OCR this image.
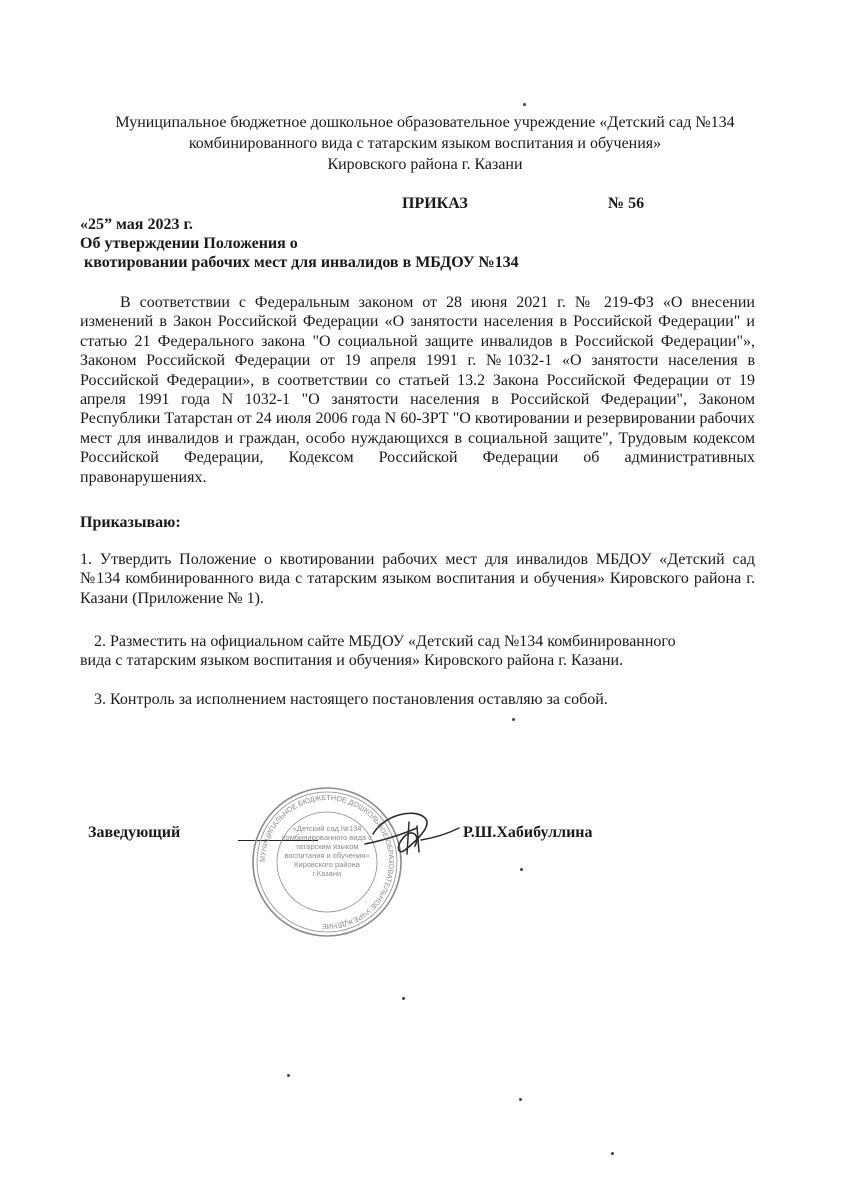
Муниципальное бюджетное дошкольное образовательное учреждение «Детский сад №134
комбинированного вида с татарским языком воспитания и обучения»
Кировского района г. Казани
ПРИКАЗ	№ 56
«25” мая 2023 г.
Об утверждении Положения о
квотировании рабочих мест для инвалидов в МБДОУ №134
В соответствии с Федеральным законом от 28 июня 2021 г. № 219-ФЗ «О внесении изменений в Закон Российской Федерации «О занятости населения в Российской Федерации" и статью 21 Федерального закона "О социальной защите инвалидов в Российской Федерации"», Законом Российской Федерации от 19 апреля 1991 г. №1032-1 «О занятости населения в Российской Федерации», в соответствии со статьей 13.2 Закона Российской Федерации от 19 апреля 1991 года N 1032-1 "О занятости населения в Российской Федерации", Законом Республики Татарстан от 24 июля 2006 года N 60-ЗРТ "О квотировании и резервировании рабочих мест для инвалидов и граждан, особо нуждающихся в социальной защите", Трудовым кодексом Российской Федерации, Кодексом Российской Федерации об административных правонарушениях.
Приказываю:
1. Утвердить Положение о квотировании рабочих мест для инвалидов МБДОУ «Детский сад №134 комбинированного вида с татарским языком воспитания и обучения» Кировского района г. Казани (Приложение № 1).
2. Разместить на официальном сайте МБДОУ «Детский сад №134 комбинированного
вида с татарским языком воспитания и обучения» Кировского района г. Казани.
3. Контроль за исполнением настоящего постановления оставляю за собой.
Заведующий
МУНИЦИПАЛЬНОЕ БЮДЖЕТНОЕ ДОШКОЛЬНОЕ ОБРАЗОВАТЕЛЬНОЕ УЧРЕЖДЕНИЕ
«Детский сад №134 комбинированного вида с татарским языком воспитания и обучения» Кировского района г.Казани
Р.Ш.Хабибуллина
